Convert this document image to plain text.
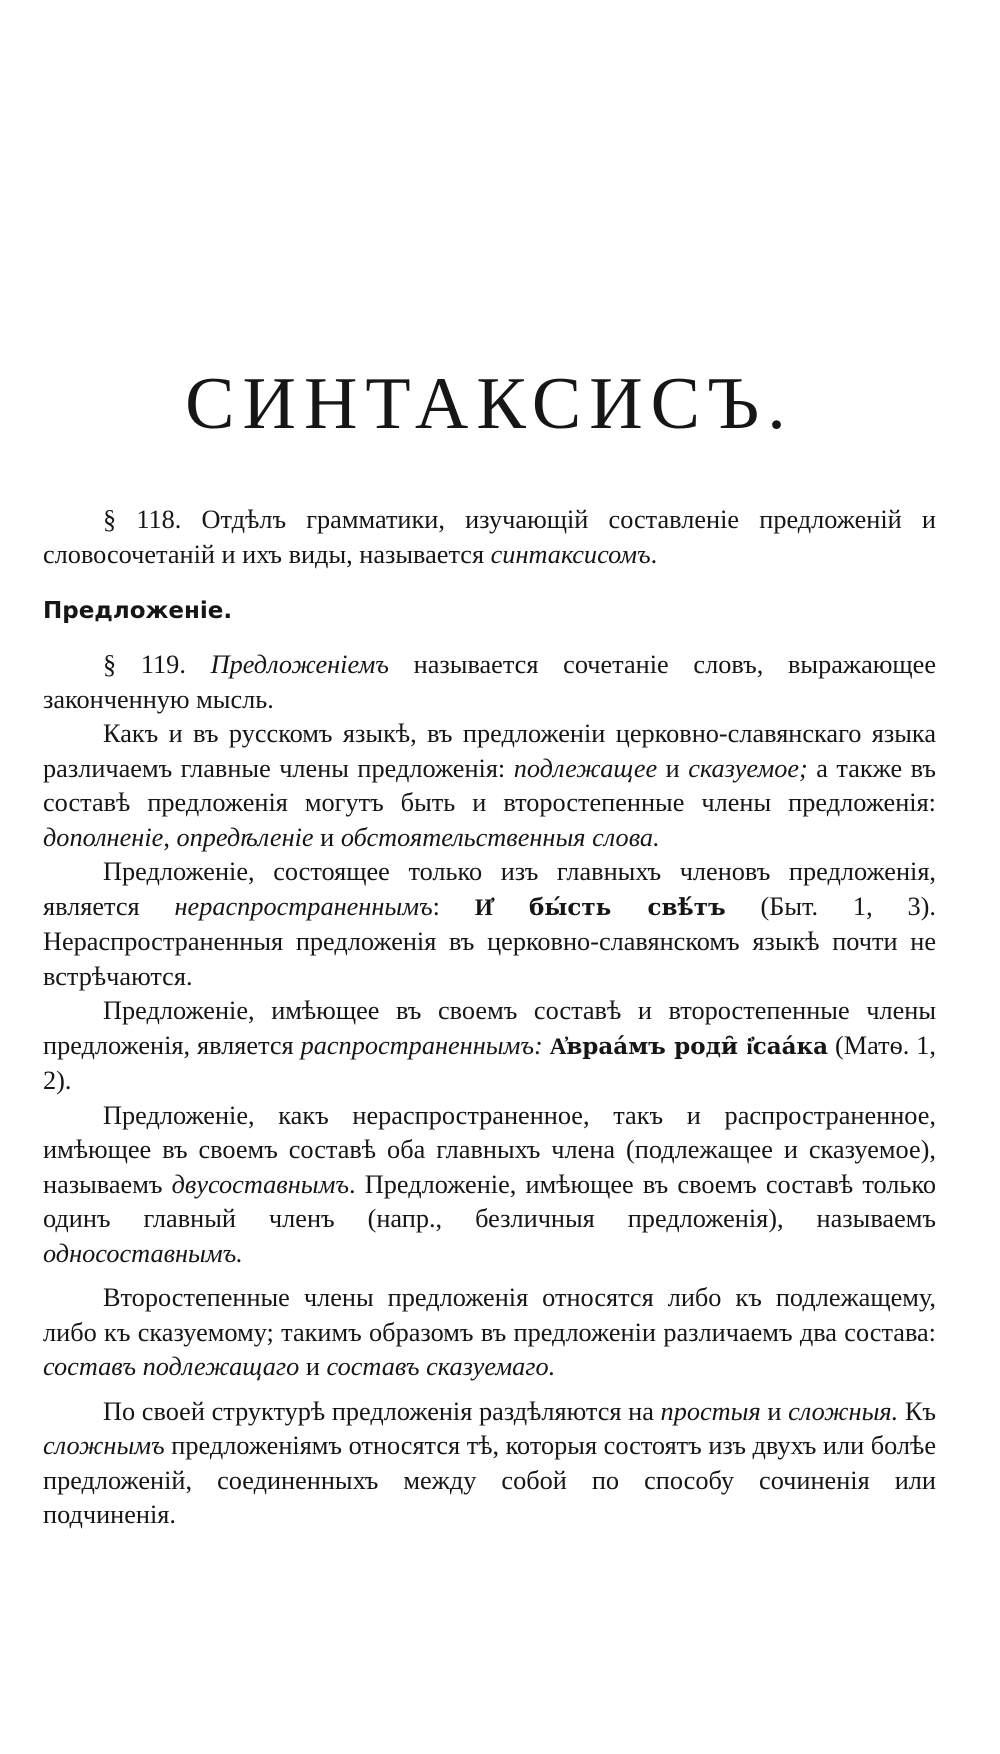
СИНТАКСИСЪ.

§ 118. Отдѣлъ грамматики, изучающій составленіе предложеній и словосочетаній и ихъ виды, называется синтаксисомъ.

Предложеніе.

§ 119. Предложеніемъ называется сочетаніе словъ, выражающее законченную мысль.

Какъ и въ русскомъ языкѣ, въ предложеніи церковно-славянскаго языка различаемъ главные члены предложенія: подлежащее и сказуемое; а также въ составѣ предложенія могутъ быть и второстепенные члены предложенія: дополненіе, опредѣленіе и обстоятельственныя слова.

Предложеніе, состоящее только изъ главныхъ членовъ предложенія, является нераспространеннымъ: И҆ бы́сть свѣ́тъ (Быт. 1, 3). Нераспространенныя предложенія въ церковно-славянскомъ языкѣ почти не встрѣчаются.

Предложеніе, имѣющее въ своемъ составѣ и второстепенные члены предложенія, является распространеннымъ: А҆враа́мъ роди̑ і҆саа́ка (Матѳ. 1, 2).

Предложеніе, какъ нераспространенное, такъ и распространенное, имѣющее въ своемъ составѣ оба главныхъ члена (подлежащее и сказуемое), называемъ двусоставнымъ. Предложеніе, имѣющее въ своемъ составѣ только одинъ главный членъ (напр., безличныя предложенія), называемъ односоставнымъ.

Второстепенные члены предложенія относятся либо къ подлежащему, либо къ сказуемому; такимъ образомъ въ предложеніи различаемъ два состава: составъ подлежащаго и составъ сказуемаго.

По своей структурѣ предложенія раздѣляются на простыя и сложныя. Къ сложнымъ предложеніямъ относятся тѣ, которыя состоятъ изъ двухъ или болѣе предложеній, соединенныхъ между собой по способу сочиненія или подчиненія.
